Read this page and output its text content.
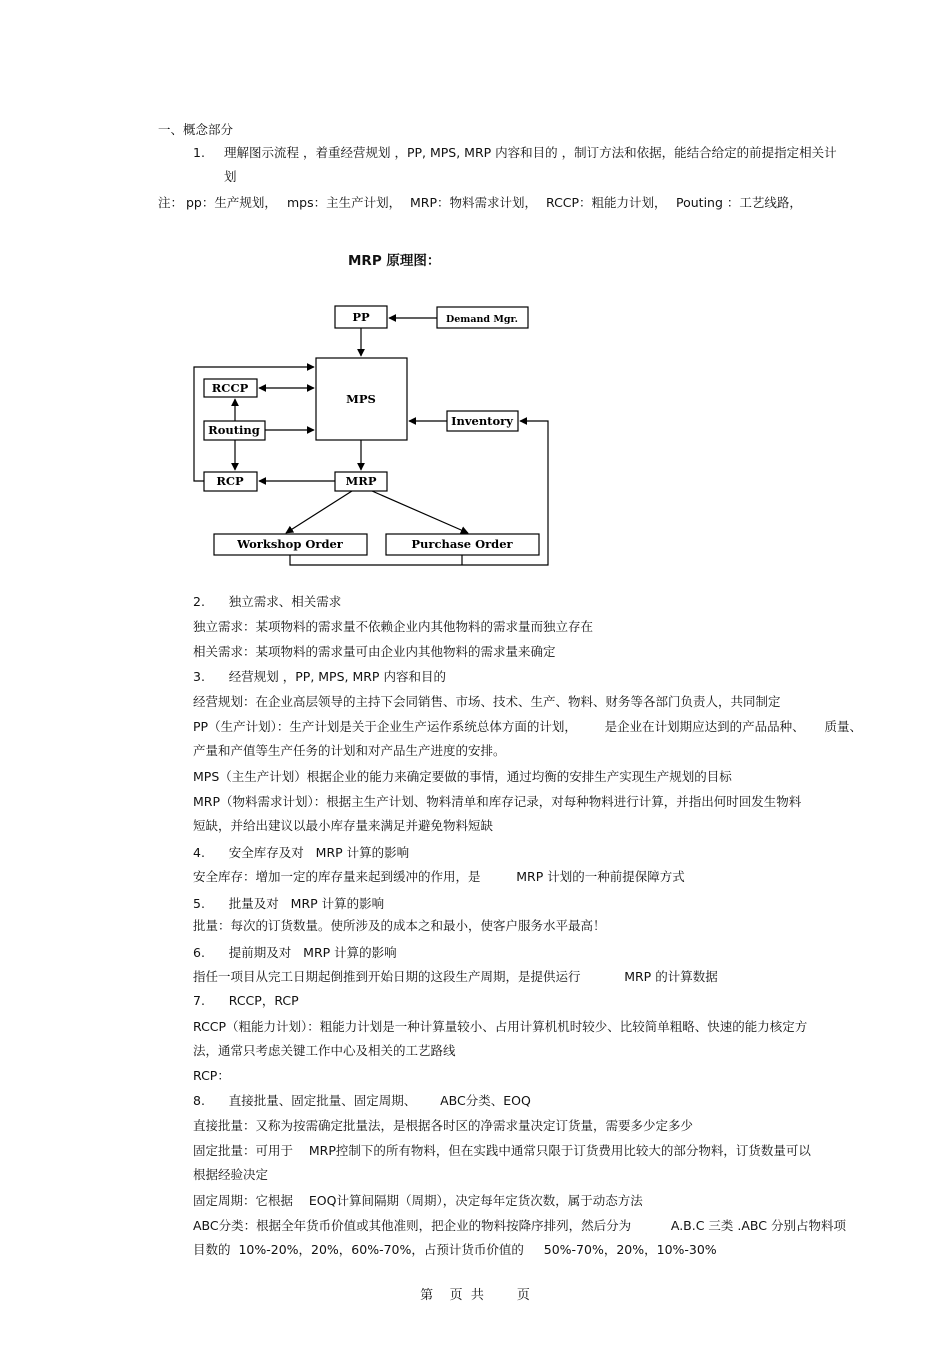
一、概念部分
1. 理解图示流程 ，着重经营规划 ，PP, MPS, MRP 内容和目的 ，制订方法和依据，能结合给定的前提指定相关计
划
注： pp：生产规划， mps：主生产计划， MRP：物料需求计划， RCCP：粗能力计划， Pouting ：工艺线路，
MRP 原理图：
PP	Demand Mgr.
MPS
RCCP
Routing
Inventory
RCP	MRP
Workshop Order	Purchase Order
2.      独立需求、相关需求
独立需求：某项物料的需求量不依赖企业内其他物料的需求量而独立存在
相关需求：某项物料的需求量可由企业内其他物料的需求量来确定
3.      经营规划 ，PP, MPS, MRP 内容和目的
经营规划：在企业高层领导的主持下会同销售、市场、技术、生产、物料、财务等各部门负责人，共同制定
PP（生产计划）：生产计划是关于企业生产运作系统总体方面的计划，       是企业在计划期应达到的产品品种、     质量、
产量和产值等生产任务的计划和对产品生产进度的安排。
MPS（主生产计划）根据企业的能力来确定要做的事情，通过均衡的安排生产实现生产规划的目标
MRP（物料需求计划）：根据主生产计划、物料清单和库存记录，对每种物料进行计算，并指出何时回发生物料
短缺，并给出建议以最小库存量来满足并避免物料短缺
4.      安全库存及对   MRP 计算的影响
安全库存：增加一定的库存量来起到缓冲的作用，是         MRP 计划的一种前提保障方式
5.      批量及对   MRP 计算的影响
批量：每次的订货数量。使所涉及的成本之和最小，使客户服务水平最高！
6.      提前期及对   MRP 计算的影响
指任一项目从完工日期起倒推到开始日期的这段生产周期，是提供运行           MRP 的计算数据
7.      RCCP，RCP
RCCP（粗能力计划）：粗能力计划是一种计算量较小、占用计算机机时较少、比较简单粗略、快速的能力核定方
法，通常只考虑关键工作中心及相关的工艺路线
RCP：
8.      直接批量、固定批量、固定周期、      ABC分类、EOQ
直接批量：又称为按需确定批量法，是根据各时区的净需求量决定订货量，需要多少定多少
固定批量：可用于    MRP控制下的所有物料，但在实践中通常只限于订货费用比较大的部分物料，订货数量可以
根据经验决定
固定周期：它根据    EOQ计算间隔期（周期），决定每年定货次数，属于动态方法
ABC分类：根据全年货币价值或其他准则，把企业的物料按降序排列，然后分为          A.B.C 三类 .ABC 分别占物料项
目数的  10%-20%，20%，60%-70%，占预计货币价值的     50%-70%，20%，10%-30%
第    页  共        页
